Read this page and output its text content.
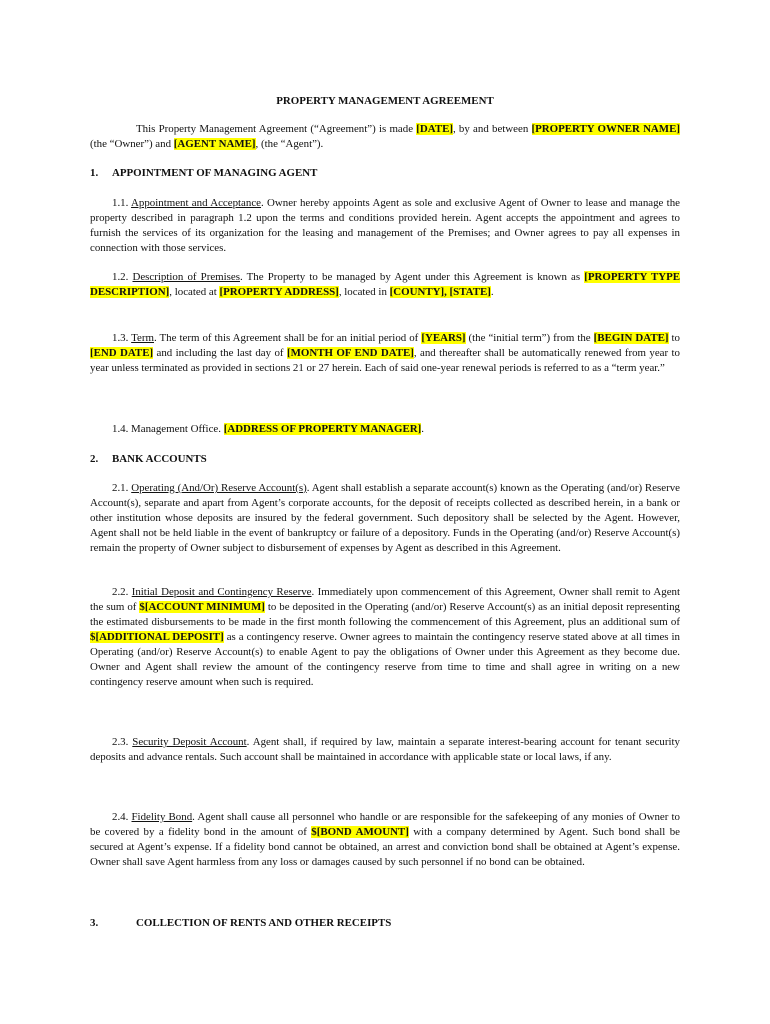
PROPERTY MANAGEMENT AGREEMENT
This Property Management Agreement (“Agreement”) is made [DATE], by and between [PROPERTY OWNER NAME] (the “Owner”) and [AGENT NAME], (the “Agent”).
1. APPOINTMENT OF MANAGING AGENT
1.1. Appointment and Acceptance. Owner hereby appoints Agent as sole and exclusive Agent of Owner to lease and manage the property described in paragraph 1.2 upon the terms and conditions provided herein. Agent accepts the appointment and agrees to furnish the services of its organization for the leasing and management of the Premises; and Owner agrees to pay all expenses in connection with those services.
1.2. Description of Premises. The Property to be managed by Agent under this Agreement is known as [PROPERTY TYPE DESCRIPTION], located at [PROPERTY ADDRESS], located in [COUNTY], [STATE].
1.3. Term. The term of this Agreement shall be for an initial period of [YEARS] (the “initial term”) from the [BEGIN DATE] to [END DATE] and including the last day of [MONTH OF END DATE], and thereafter shall be automatically renewed from year to year unless terminated as provided in sections 21 or 27 herein. Each of said one-year renewal periods is referred to as a “term year.”
1.4. Management Office. [ADDRESS OF PROPERTY MANAGER].
2. BANK ACCOUNTS
2.1. Operating (And/Or) Reserve Account(s). Agent shall establish a separate account(s) known as the Operating (and/or) Reserve Account(s), separate and apart from Agent’s corporate accounts, for the deposit of receipts collected as described herein, in a bank or other institution whose deposits are insured by the federal government. Such depository shall be selected by the Agent. However, Agent shall not be held liable in the event of bankruptcy or failure of a depository. Funds in the Operating (and/or) Reserve Account(s) remain the property of Owner subject to disbursement of expenses by Agent as described in this Agreement.
2.2. Initial Deposit and Contingency Reserve. Immediately upon commencement of this Agreement, Owner shall remit to Agent the sum of $[ACCOUNT MINIMUM] to be deposited in the Operating (and/or) Reserve Account(s) as an initial deposit representing the estimated disbursements to be made in the first month following the commencement of this Agreement, plus an additional sum of $[ADDITIONAL DEPOSIT] as a contingency reserve. Owner agrees to maintain the contingency reserve stated above at all times in Operating (and/or) Reserve Account(s) to enable Agent to pay the obligations of Owner under this Agreement as they become due. Owner and Agent shall review the amount of the contingency reserve from time to time and shall agree in writing on a new contingency reserve amount when such is required.
2.3. Security Deposit Account. Agent shall, if required by law, maintain a separate interest-bearing account for tenant security deposits and advance rentals. Such account shall be maintained in accordance with applicable state or local laws, if any.
2.4. Fidelity Bond. Agent shall cause all personnel who handle or are responsible for the safekeeping of any monies of Owner to be covered by a fidelity bond in the amount of $[BOND AMOUNT] with a company determined by Agent. Such bond shall be secured at Agent’s expense. If a fidelity bond cannot be obtained, an arrest and conviction bond shall be obtained at Agent’s expense. Owner shall save Agent harmless from any loss or damages caused by such personnel if no bond can be obtained.
3.	COLLECTION OF RENTS AND OTHER RECEIPTS
